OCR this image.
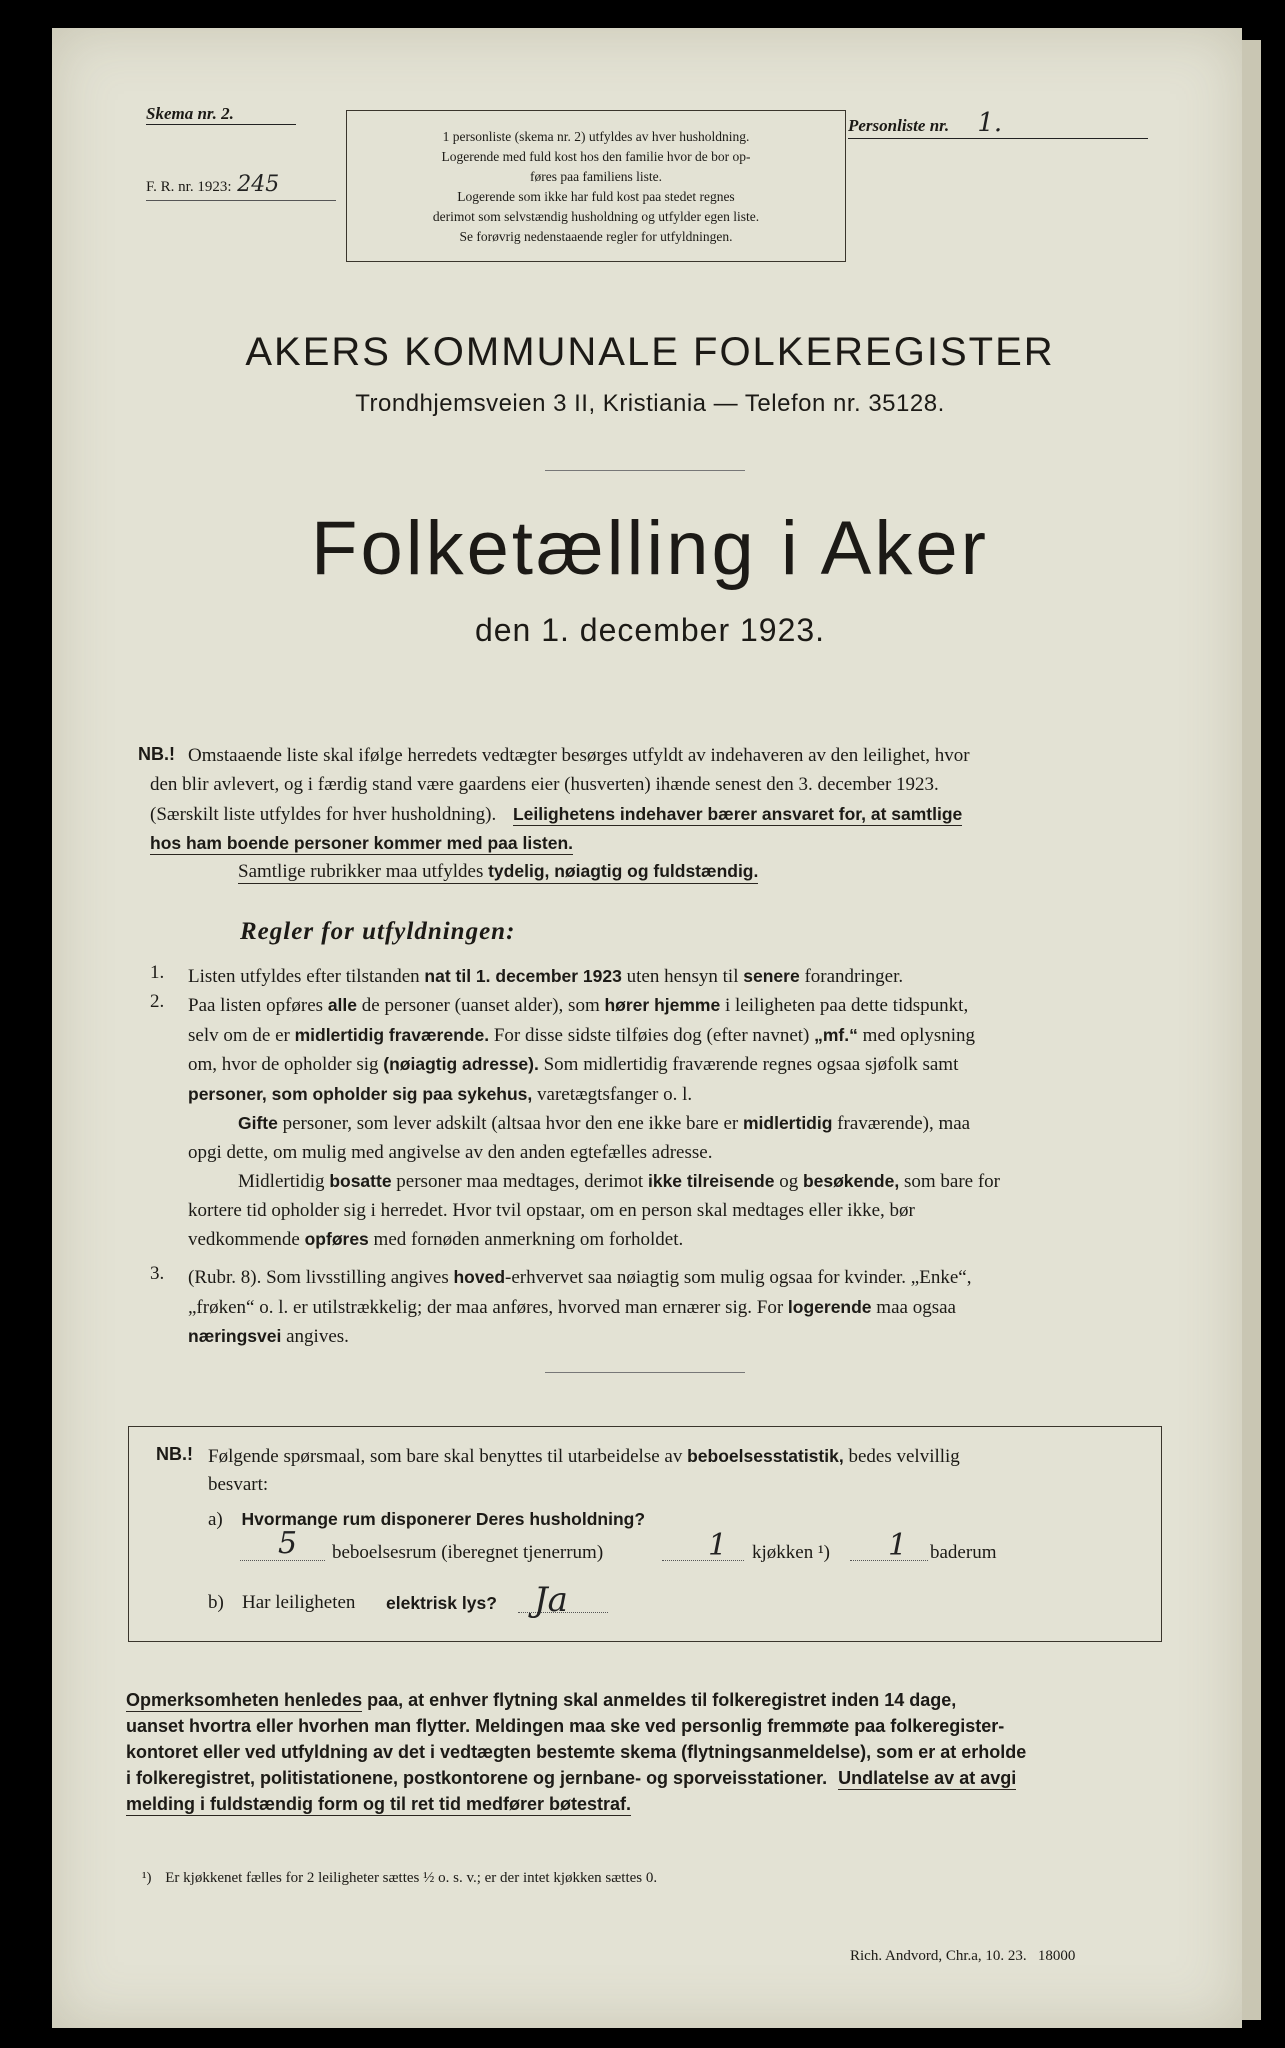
Skema nr. 2.
F. R. nr. 1923: 245
1 personliste (skema nr. 2) utfyldes av hver husholdning.
Logerende med fuld kost hos den familie hvor de bor op-
føres paa familiens liste.
Logerende som ikke har fuld kost paa stedet regnes
derimot som selvstændig husholdning og utfylder egen liste.
Se forøvrig nedenstaaende regler for utfyldningen.
Personliste nr. 1.
AKERS KOMMUNALE FOLKEREGISTER
Trondhjemsveien 3 II, Kristiania — Telefon nr. 35128.
Folketælling i Aker
den 1. december 1923.
NB.! Omstaaende liste skal ifølge herredets vedtægter besørges utfyldt av indehaveren av den leilighet, hvor
den blir avlevert, og i færdig stand være gaardens eier (husverten) ihænde senest den 3. december 1923.
(Særskilt liste utfyldes for hver husholdning). Leilighetens indehaver bærer ansvaret for, at samtlige
hos ham boende personer kommer med paa listen.
Samtlige rubrikker maa utfyldes tydelig, nøiagtig og fuldstændig.
Regler for utfyldningen:
1. Listen utfyldes efter tilstanden nat til 1. december 1923 uten hensyn til senere forandringer.
2. Paa listen opføres alle de personer (uanset alder), som hører hjemme i leiligheten paa dette tidspunkt,
selv om de er midlertidig fraværende. For disse sidste tilføies dog (efter navnet) „mf.“ med oplysning
om, hvor de opholder sig (nøiagtig adresse). Som midlertidig fraværende regnes ogsaa sjøfolk samt
personer, som opholder sig paa sykehus, varetægtsfanger o. l.
Gifte personer, som lever adskilt (altsaa hvor den ene ikke bare er midlertidig fraværende), maa
opgi dette, om mulig med angivelse av den anden egtefælles adresse.
Midlertidig bosatte personer maa medtages, derimot ikke tilreisende og besøkende, som bare for
kortere tid opholder sig i herredet. Hvor tvil opstaar, om en person skal medtages eller ikke, bør
vedkommende opføres med fornøden anmerkning om forholdet.
3. (Rubr. 8). Som livsstilling angives hoved-erhvervet saa nøiagtig som mulig ogsaa for kvinder. „Enke“,
„frøken“ o. l. er utilstrækkelig; der maa anføres, hvorved man ernærer sig. For logerende maa ogsaa
næringsvei angives.
NB.! Følgende spørsmaal, som bare skal benyttes til utarbeidelse av beboelsesstatistik, bedes velvillig
besvart:
a) Hvormange rum disponerer Deres husholdning?
5 beboelsesrum (iberegnet tjenerrum)	1 kjøkken ¹) 1 baderum
b) Har leiligheten elektrisk lys? Ja
Opmerksomheten henledes paa, at enhver flytning skal anmeldes til folkeregistret inden 14 dage,
uanset hvortra eller hvorhen man flytter. Meldingen maa ske ved personlig fremmøte paa folkeregister-
kontoret eller ved utfyldning av det i vedtægten bestemte skema (flytningsanmeldelse), som er at erholde
i folkeregistret, politistationene, postkontorene og jernbane- og sporveisstationer. Undlatelse av at avgi
melding i fuldstændig form og til ret tid medfører bøtestraf.
¹) Er kjøkkenet fælles for 2 leiligheter sættes ½ o. s. v.; er der intet kjøkken sættes 0.
Rich. Andvord, Chr.a, 10. 23.   18000
